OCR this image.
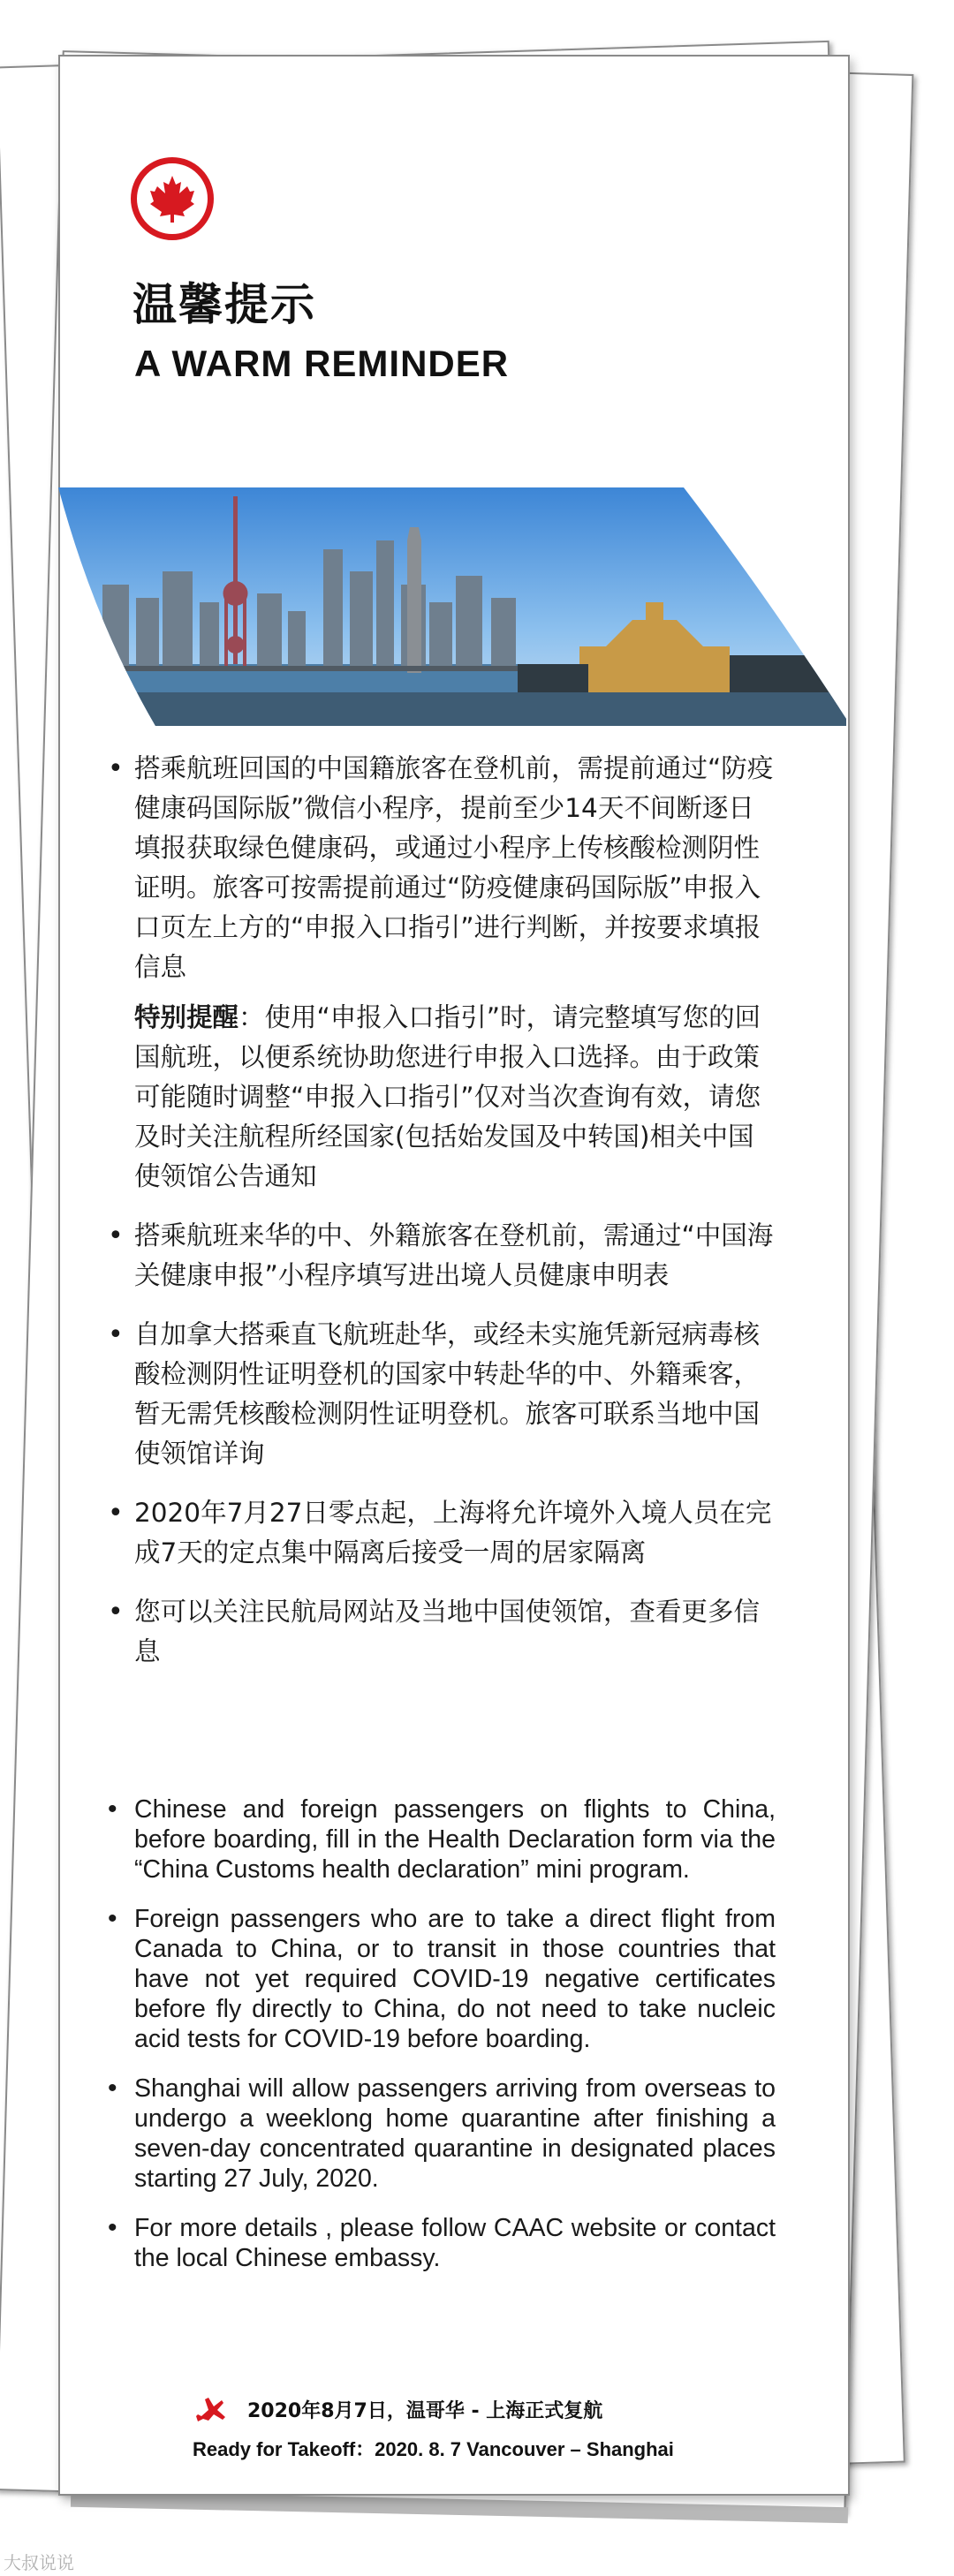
温馨提示
A WARM REMINDER
• 搭乘航班回国的中国籍旅客在登机前，需提前通过“防疫健康码国际版”微信小程序，提前至少14天不间断逐日填报获取绿色健康码，或通过小程序上传核酸检测阴性证明。旅客可按需提前通过“防疫健康码国际版”申报入口页左上方的“申报入口指引”进行判断，并按要求填报信息
特别提醒：使用“申报入口指引”时，请完整填写您的回国航班，以便系统协助您进行申报入口选择。由于政策可能随时调整“申报入口指引”仅对当次查询有效，请您及时关注航程所经国家(包括始发国及中转国)相关中国使领馆公告通知
• 搭乘航班来华的中、外籍旅客在登机前，需通过“中国海关健康申报”小程序填写进出境人员健康申明表
• 自加拿大搭乘直飞航班赴华，或经未实施凭新冠病毒核酸检测阴性证明登机的国家中转赴华的中、外籍乘客，暂无需凭核酸检测阴性证明登机。旅客可联系当地中国使领馆详询
• 2020年7月27日零点起，上海将允许境外入境人员在完成7天的定点集中隔离后接受一周的居家隔离
• 您可以关注民航局网站及当地中国使领馆，查看更多信息
• Chinese and foreign passengers on flights to China, before boarding, fill in the Health Declaration form via the “China Customs health declaration” mini program.
• Foreign passengers who are to take a direct flight from Canada to China, or to transit in those countries that have not yet required COVID-19 negative certificates before fly directly to China, do not need to take nucleic acid tests for COVID-19 before boarding.
• Shanghai will allow passengers arriving from overseas to undergo a weeklong home quarantine after finishing a seven-day concentrated quarantine in designated places starting 27 July, 2020.
• For more details , please follow CAAC website or contact the local Chinese embassy.
2020年8月7日，温哥华 - 上海正式复航
Ready for Takeoff：2020. 8. 7 Vancouver – Shanghai
大叔说说
